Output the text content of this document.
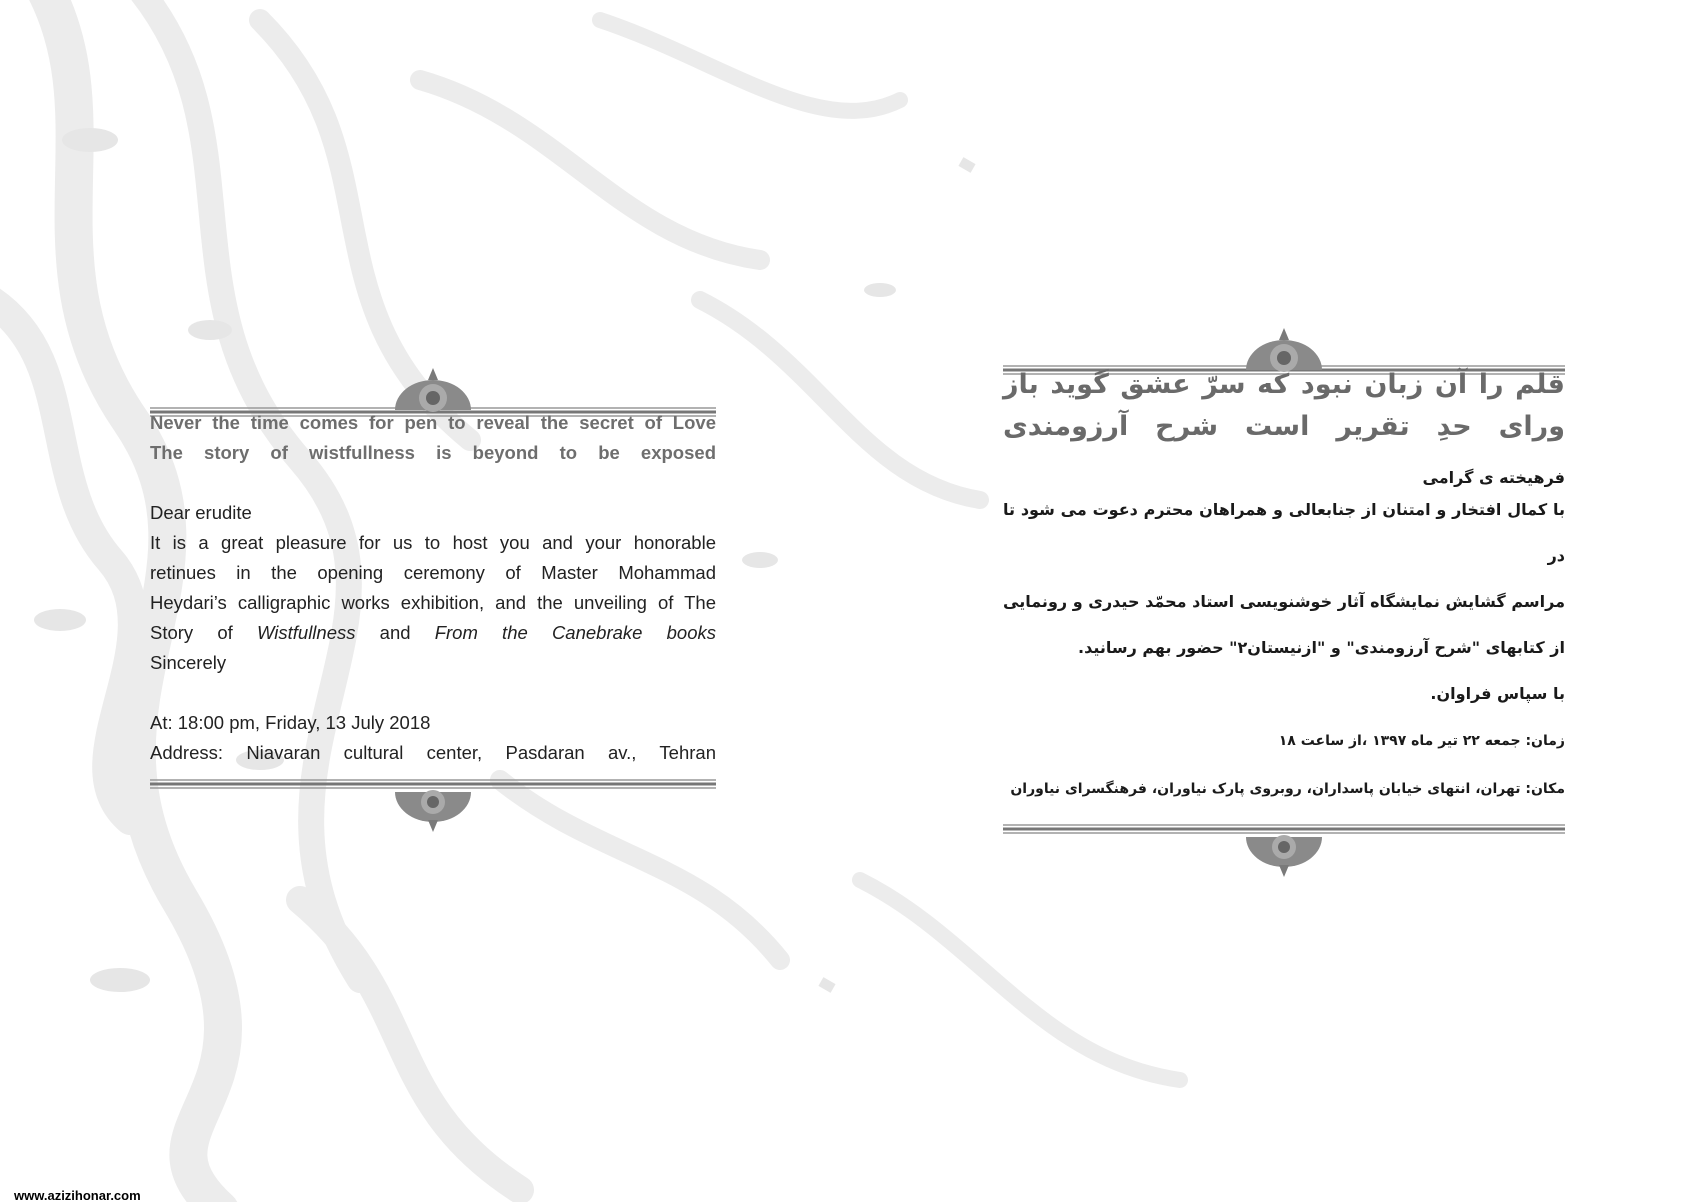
Never the time comes for pen to reveal the secret of Love
The story of wistfullness is beyond to be exposed
Dear erudite
It is a great pleasure for us to host you and your honorable
retinues in the opening ceremony of Master Mohammad
Heydari’s calligraphic works exhibition, and the unveiling of The
Story of Wistfullness and From the Canebrake books
Sincerely
At: 18:00 pm, Friday, 13 July 2018
Address: Niavaran cultural center, Pasdaran av., Tehran
قلم را آن زبان نبود که سرّ عشق گوید باز
ورای حدِ تقریر است شرح آرزومندی
فرهیخته ی گرامی
با کمال افتخار و امتنان از جنابعالی و همراهان محترم دعوت می شود تا در
مراسم گشایش نمایشگاه آثار خوشنویسی استاد محمّد حیدری و رونمایی
از کتابهای "شرح آرزومندی" و "ازنیستان۲" حضور بهم رسانید.
با سپاس فراوان.
زمان: جمعه ۲۲ تیر ماه ۱۳۹۷ ،از ساعت ۱۸
مکان: تهران، انتهای خیابان پاسداران، روبروی پارک نیاوران، فرهنگسرای نیاوران
www.azizihonar.com
